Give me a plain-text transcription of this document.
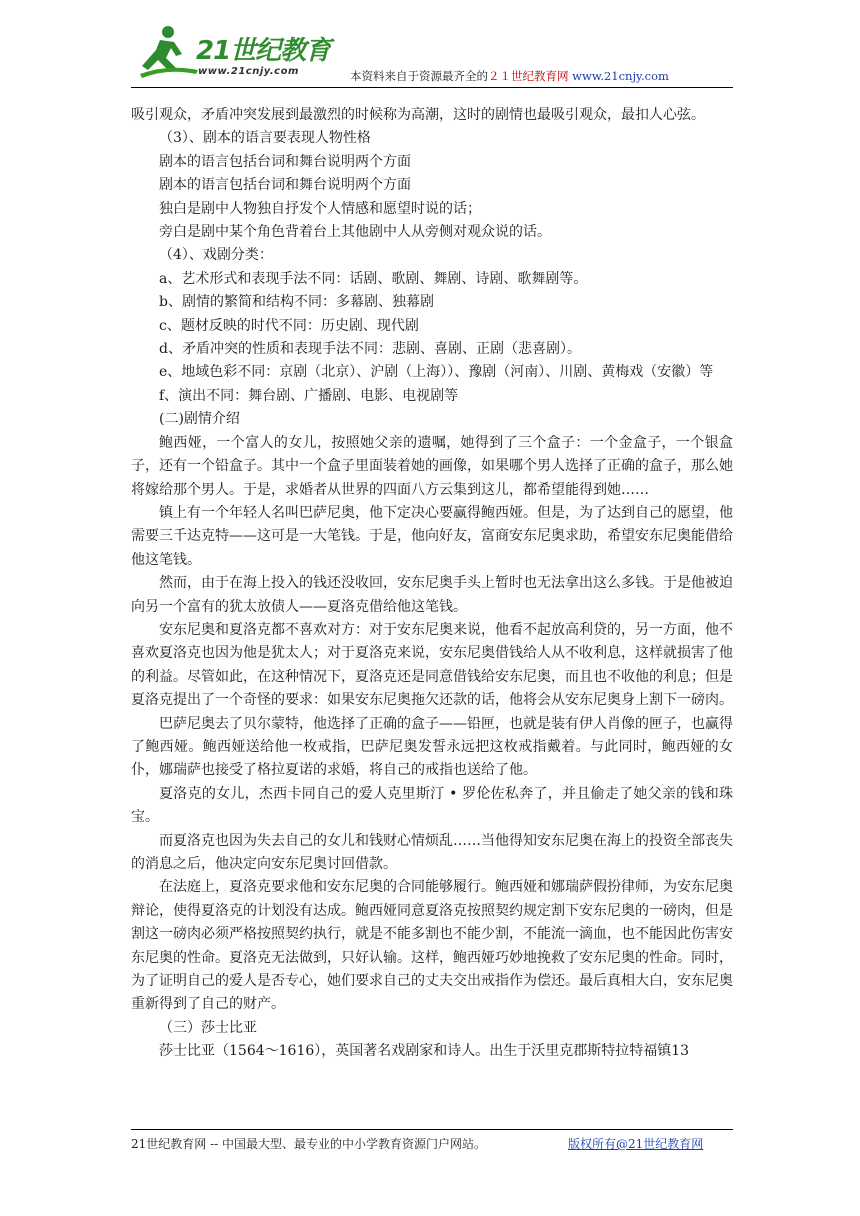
21世纪教育
www.21cnjy.com	本资料来自于资源最齐全的２１世纪教育网 www.21cnjy.com

吸引观众，矛盾冲突发展到最激烈的时候称为高潮，这时的剧情也最吸引观众，最扣人心弦。

（3）、剧本的语言要表现人物性格

剧本的语言包括台词和舞台说明两个方面

剧本的语言包括台词和舞台说明两个方面

独白是剧中人物独自抒发个人情感和愿望时说的话；

旁白是剧中某个角色背着台上其他剧中人从旁侧对观众说的话。

（4）、戏剧分类：

a、艺术形式和表现手法不同：话剧、歌剧、舞剧、诗剧、歌舞剧等。

b、剧情的繁简和结构不同：多幕剧、独幕剧

c、题材反映的时代不同：历史剧、现代剧

d、矛盾冲突的性质和表现手法不同：悲剧、喜剧、正剧（悲喜剧）。

e、地域色彩不同：京剧（北京）、沪剧（上海））、豫剧（河南）、川剧、黄梅戏（安徽）等

f、演出不同：舞台剧、广播剧、电影、电视剧等

(二)剧情介绍

鲍西娅，一个富人的女儿，按照她父亲的遗嘱，她得到了三个盒子：一个金盒子，一个银盒子，还有一个铅盒子。其中一个盒子里面装着她的画像，如果哪个男人选择了正确的盒子，那么她将嫁给那个男人。于是，求婚者从世界的四面八方云集到这儿，都希望能得到她……

镇上有一个年轻人名叫巴萨尼奥，他下定决心要赢得鲍西娅。但是，为了达到自己的愿望，他需要三千达克特——这可是一大笔钱。于是，他向好友，富商安东尼奥求助，希望安东尼奥能借给他这笔钱。

然而，由于在海上投入的钱还没收回，安东尼奥手头上暂时也无法拿出这么多钱。于是他被迫向另一个富有的犹太放债人——夏洛克借给他这笔钱。

安东尼奥和夏洛克都不喜欢对方：对于安东尼奥来说，他看不起放高利贷的，另一方面，他不喜欢夏洛克也因为他是犹太人；对于夏洛克来说，安东尼奥借钱给人从不收利息，这样就损害了他的利益。尽管如此，在这种情况下，夏洛克还是同意借钱给安东尼奥，而且也不收他的利息；但是夏洛克提出了一个奇怪的要求：如果安东尼奥拖欠还款的话，他将会从安东尼奥身上割下一磅肉。

巴萨尼奥去了贝尔蒙特，他选择了正确的盒子——铅匣，也就是装有伊人肖像的匣子，也赢得了鲍西娅。鲍西娅送给他一枚戒指，巴萨尼奥发誓永远把这枚戒指戴着。与此同时，鲍西娅的女仆，娜瑞萨也接受了格拉夏诺的求婚，将自己的戒指也送给了他。

夏洛克的女儿，杰西卡同自己的爱人克里斯汀 • 罗伦佐私奔了，并且偷走了她父亲的钱和珠宝。

而夏洛克也因为失去自己的女儿和钱财心情烦乱……当他得知安东尼奥在海上的投资全部丧失的消息之后，他决定向安东尼奥讨回借款。

在法庭上，夏洛克要求他和安东尼奥的合同能够履行。鲍西娅和娜瑞萨假扮律师，为安东尼奥辩论，使得夏洛克的计划没有达成。鲍西娅同意夏洛克按照契约规定割下安东尼奥的一磅肉，但是割这一磅肉必须严格按照契约执行，就是不能多割也不能少割，不能流一滴血，也不能因此伤害安东尼奥的性命。夏洛克无法做到，只好认输。这样，鲍西娅巧妙地挽救了安东尼奥的性命。同时，为了证明自己的爱人是否专心，她们要求自己的丈夫交出戒指作为偿还。最后真相大白，安东尼奥重新得到了自己的财产。

（三）莎士比亚

莎士比亚（1564～1616），英国著名戏剧家和诗人。出生于沃里克郡斯特拉特福镇13

21世纪教育网 -- 中国最大型、最专业的中小学教育资源门户网站。	版权所有@21世纪教育网
